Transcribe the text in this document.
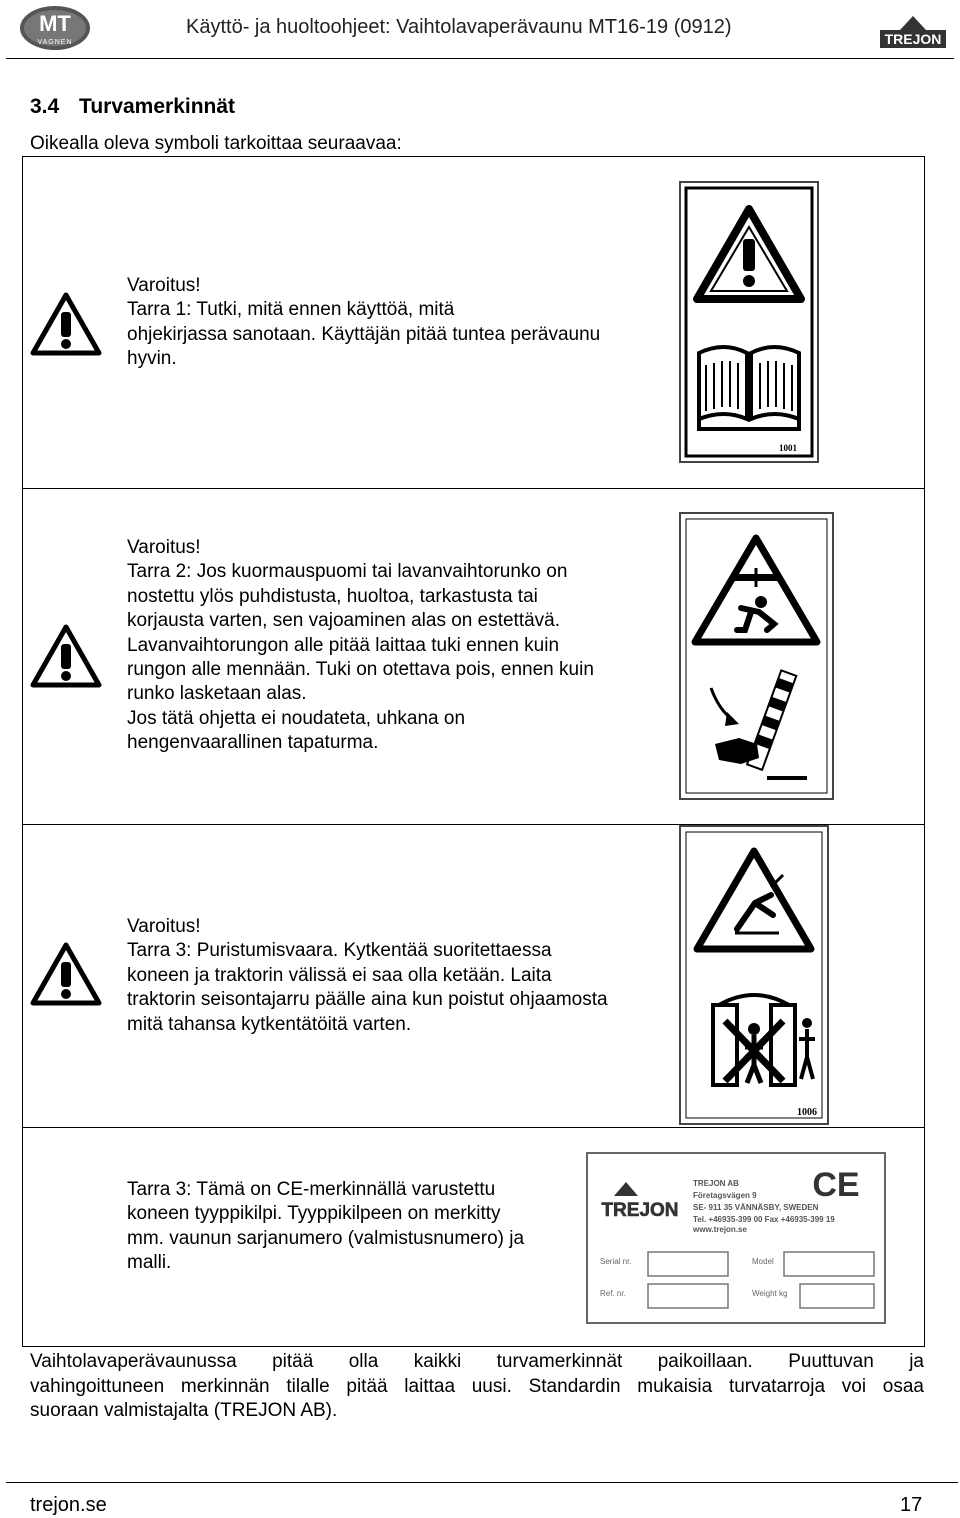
MT
VAGNEN
Käyttö- ja huoltoohjeet: Vaihtolavaperävaunu MT16-19 (0912)
TREJON
3.4 Turvamerkinnät
Oikealla oleva symboli tarkoittaa seuraavaa:
Varoitus!
Tarra 1: Tutki, mitä ennen käyttöä, mitä
ohjekirjassa sanotaan. Käyttäjän pitää tuntea perävaunu
hyvin.
1001
Varoitus!
Tarra 2: Jos kuormauspuomi tai lavanvaihtorunko on
nostettu ylös puhdistusta, huoltoa, tarkastusta tai
korjausta varten, sen vajoaminen alas on estettävä.
Lavanvaihtorungon alle pitää laittaa tuki ennen kuin
rungon alle mennään. Tuki on otettava pois, ennen kuin
runko lasketaan alas.
Jos tätä ohjetta ei noudateta, uhkana on
hengenvaarallinen tapaturma.
Varoitus!
Tarra 3: Puristumisvaara. Kytkentää suoritettaessa
koneen ja traktorin välissä ei saa olla ketään. Laita
traktorin seisontajarru päälle aina kun poistut ohjaamosta
mitä tahansa kytkentätöitä varten.
1006
Tarra 3: Tämä on CE-merkinnällä varustettu
koneen tyyppikilpi. Tyyppikilpeen on merkitty
mm. vaunun sarjanumero (valmistusnumero) ja
malli.
TREJON
TREJON AB
Företagsvägen 9
SE- 911 35 VÄNNÄSBY, SWEDEN
Tel. +46935-399 00 Fax +46935-399 19
www.trejon.se
CE
Serial nr.	Model
Ref. nr.	Weight kg
Vaihtolavaperävaunussa pitää olla kaikki turvamerkinnät paikoillaan. Puuttuvan ja
vahingoittuneen merkinnän tilalle pitää laittaa uusi. Standardin mukaisia turvatarroja voi osaa
suoraan valmistajalta (TREJON AB).
trejon.se	17
